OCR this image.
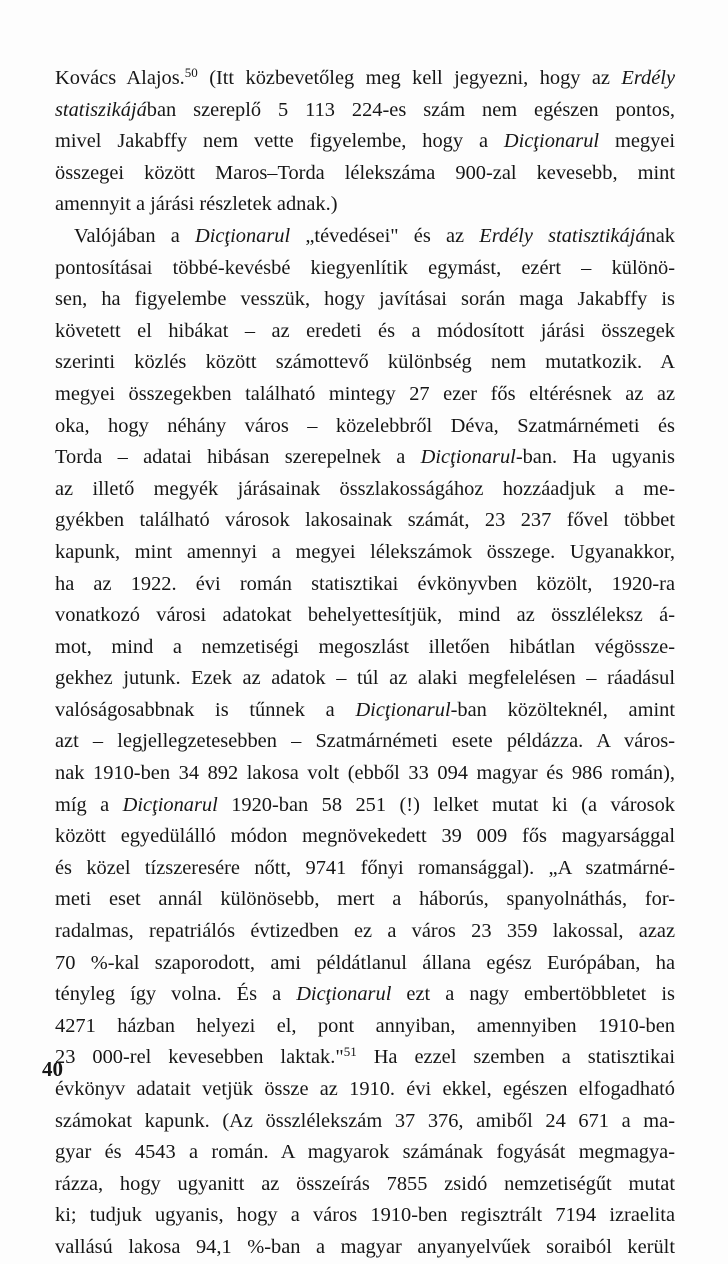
Kovács Alajos.$^{50}$ (Itt közbevetőleg meg kell jegyezni, hogy az Erdély
statiszikájában szereplő 5 113 224-es szám nem egészen pontos,
mivel Jakabffy nem vette figyelembe, hogy a Dicţionarul megyei
összegei között Maros–Torda lélekszáma 900-zal kevesebb, mint
amennyit a járási részletek adnak.)
Valójában a Dicţionarul „tévedései" és az Erdély statisztikájának
pontosításai többé-kevésbé kiegyenlítik egymást, ezért – különö-
sen, ha figyelembe vesszük, hogy javításai során maga Jakabffy is
követett el hibákat – az eredeti és a módosított járási összegek
szerinti közlés között számottevő különbség nem mutatkozik. A
megyei összegekben található mintegy 27 ezer fős eltérésnek az az
oka, hogy néhány város – közelebbről Déva, Szatmárnémeti és
Torda – adatai hibásan szerepelnek a Dicţionarul-ban. Ha ugyanis
az illető megyék járásainak összlakosságához hozzáadjuk a me-
gyékben található városok lakosainak számát, 23 237 fővel többet
kapunk, mint amennyi a megyei lélekszámok összege. Ugyanakkor,
ha az 1922. évi román statisztikai évkönyvben közölt, 1920-ra
vonatkozó városi adatokat behelyettesítjük, mind az összléleksz á-
mot, mind a nemzetiségi megoszlást illetően hibátlan végössze-
gekhez jutunk. Ezek az adatok – túl az alaki megfelelésen – ráadásul
valóságosabbnak is tűnnek a Dicţionarul-ban közölteknél, amint
azt – legjellegzetesebben – Szatmárnémeti esete példázza. A város-
nak 1910-ben 34 892 lakosa volt (ebből 33 094 magyar és 986 román),
míg a Dicţionarul 1920-ban 58 251 (!) lelket mutat ki (a városok
között egyedülálló módon megnövekedett 39 009 fős magyarsággal
és közel tízszeresére nőtt, 9741 főnyi romansággal). „A szatmárné-
meti eset annál különösebb, mert a háborús, spanyolnáthás, for-
radalmas, repatriálós évtizedben ez a város 23 359 lakossal, azaz
70 %-kal szaporodott, ami példátlanul állana egész Európában, ha
tényleg így volna. És a Dicţionarul ezt a nagy embertöbbletet is
4271 házban helyezi el, pont annyiban, amennyiben 1910-ben
23 000-rel kevesebben laktak."$^{51}$ Ha ezzel szemben a statisztikai
évkönyv adatait vetjük össze az 1910. évi ekkel, egészen elfogadható
számokat kapunk. (Az összlélekszám 37 376, amiből 24 671 a ma-
gyar és 4543 a román. A magyarok számának fogyását megmagya-
rázza, hogy ugyanitt az összeírás 7855 zsidó nemzetiségűt mutat
ki; tudjuk ugyanis, hogy a város 1910-ben regisztrált 7194 izraelita
vallású lakosa 94,1 %-ban a magyar anyanyelvűek soraiból került

40
